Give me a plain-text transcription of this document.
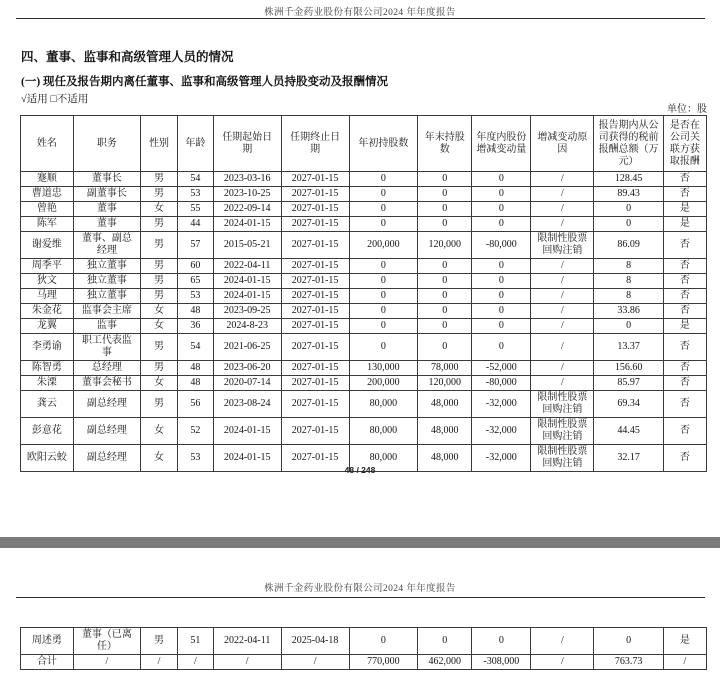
株洲千金药业股份有限公司2024 年年度报告
四、董事、监事和高级管理人员的情况
(一) 现任及报告期内离任董事、监事和高级管理人员持股变动及报酬情况
√适用 □不适用
单位：股
姓名	职务	性别	年龄	任期起始日期	任期终止日期	年初持股数	年末持股数	年度内股份增减变动量	增减变动原因	报告期内从公司获得的税前报酬总额（万元）	是否在公司关联方获取报酬
蹇顺	董事长	男	54	2023-03-16	2027-01-15	0	0	0	/	128.45	否
曹道忠	副董事长	男	53	2023-10-25	2027-01-15	0	0	0	/	89.43	否
曾艳	董事	女	55	2022-09-14	2027-01-15	0	0	0	/	0	是
陈军	董事	男	44	2024-01-15	2027-01-15	0	0	0	/	0	是
谢爱维	董事、副总经理	男	57	2015-05-21	2027-01-15	200,000	120,000	-80,000	限制性股票回购注销	86.09	否
周季平	独立董事	男	60	2022-04-11	2027-01-15	0	0	0	/	8	否
狄文	独立董事	男	65	2024-01-15	2027-01-15	0	0	0	/	8	否
马理	独立董事	男	53	2024-01-15	2027-01-15	0	0	0	/	8	否
朱金花	监事会主席	女	48	2023-09-25	2027-01-15	0	0	0	/	33.86	否
龙翼	监事	女	36	2024-8-23	2027-01-15	0	0	0	/	0	是
李勇谕	职工代表监事	男	54	2021-06-25	2027-01-15	0	0	0	/	13.37	否
陈智勇	总经理	男	48	2023-06-20	2027-01-15	130,000	78,000	-52,000	/	156.60	否
朱溧	董事会秘书	女	48	2020-07-14	2027-01-15	200,000	120,000	-80,000	/	85.97	否
龚云	副总经理	男	56	2023-08-24	2027-01-15	80,000	48,000	-32,000	限制性股票回购注销	69.34	否
彭意花	副总经理	女	52	2024-01-15	2027-01-15	80,000	48,000	-32,000	限制性股票回购注销	44.45	否
欧阳云蛟	副总经理	女	53	2024-01-15	2027-01-15	80,000	48,000	-32,000	限制性股票回购注销	32.17	否
48 / 248
株洲千金药业股份有限公司2024 年年度报告
周述勇	董事（已离任）	男	51	2022-04-11	2025-04-18	0	0	0	/	0	是
合计	/	/	/	/	/	770,000	462,000	-308,000	/	763.73	/
